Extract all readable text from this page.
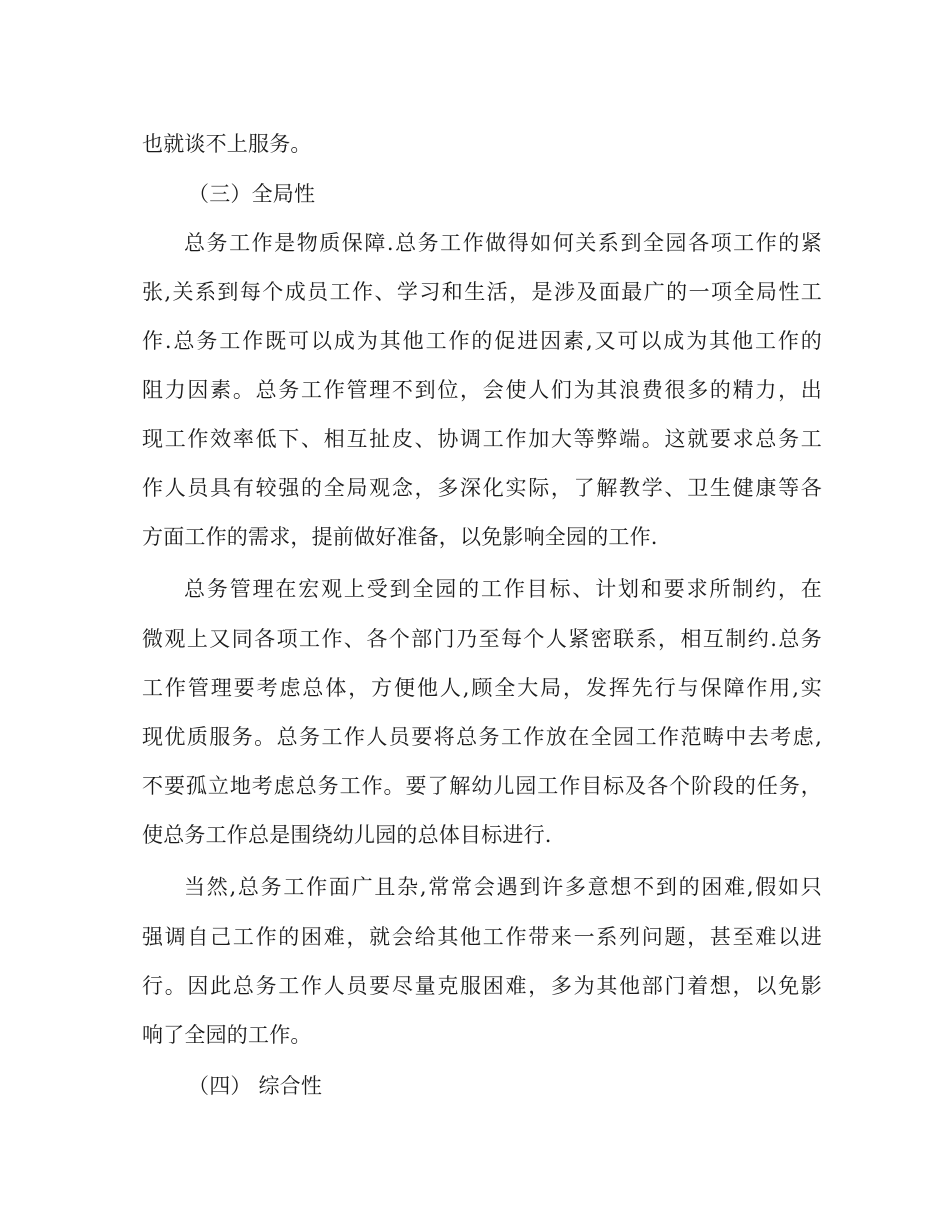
也就谈不上服务。
（三）全局性
总务工作是物质保障.总务工作做得如何关系到全园各项工作的紧
张,关系到每个成员工作、学习和生活，是涉及面最广的一项全局性工
作.总务工作既可以成为其他工作的促进因素,又可以成为其他工作的
阻力因素。总务工作管理不到位，会使人们为其浪费很多的精力，出
现工作效率低下、相互扯皮、协调工作加大等弊端。这就要求总务工
作人员具有较强的全局观念，多深化实际，了解教学、卫生健康等各
方面工作的需求，提前做好准备，以免影响全园的工作.
总务管理在宏观上受到全园的工作目标、计划和要求所制约，在
微观上又同各项工作、各个部门乃至每个人紧密联系，相互制约.总务
工作管理要考虑总体，方便他人,顾全大局，发挥先行与保障作用,实
现优质服务。总务工作人员要将总务工作放在全园工作范畴中去考虑,
不要孤立地考虑总务工作。要了解幼儿园工作目标及各个阶段的任务，
使总务工作总是围绕幼儿园的总体目标进行.
当然,总务工作面广且杂,常常会遇到许多意想不到的困难,假如只
强调自己工作的困难，就会给其他工作带来一系列问题，甚至难以进
行。因此总务工作人员要尽量克服困难，多为其他部门着想，以免影
响了全园的工作。
（四） 综合性
